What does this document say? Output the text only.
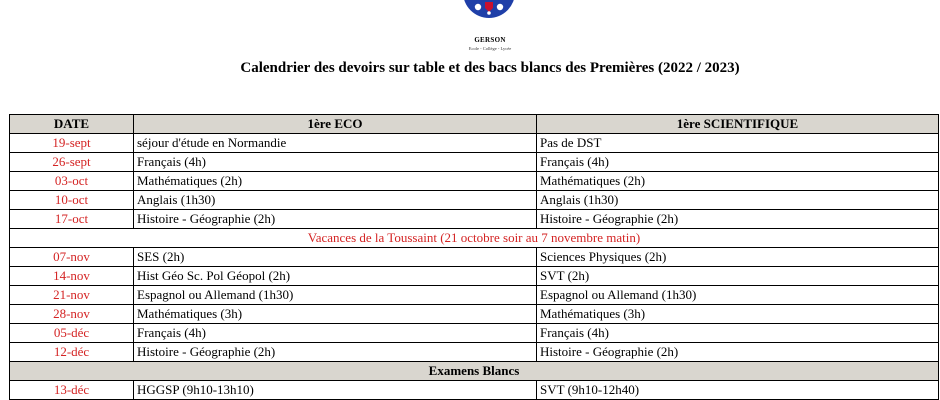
GERSON
Ecole - Collège - Lycée
Calendrier des devoirs sur table et des bacs blancs des Premières (2022 / 2023)
DATE	1ère ECO	1ère SCIENTIFIQUE
19-sept	séjour d'étude en Normandie	Pas de DST
26-sept	Français (4h)	Français (4h)
03-oct	Mathématiques (2h)	Mathématiques (2h)
10-oct	Anglais (1h30)	Anglais (1h30)
17-oct	Histoire - Géographie (2h)	Histoire - Géographie (2h)
Vacances de la Toussaint (21 octobre soir au 7 novembre matin)		
07-nov	SES (2h)	Sciences Physiques (2h)
14-nov	Hist Géo Sc. Pol Géopol (2h)	SVT (2h)
21-nov	Espagnol ou Allemand (1h30)	Espagnol ou Allemand (1h30)
28-nov	Mathématiques (3h)	Mathématiques (3h)
05-déc	Français (4h)	Français (4h)
12-déc	Histoire - Géographie (2h)	Histoire - Géographie (2h)
Examens Blancs		
13-déc	HGGSP (9h10-13h10)	SVT (9h10-12h40)
